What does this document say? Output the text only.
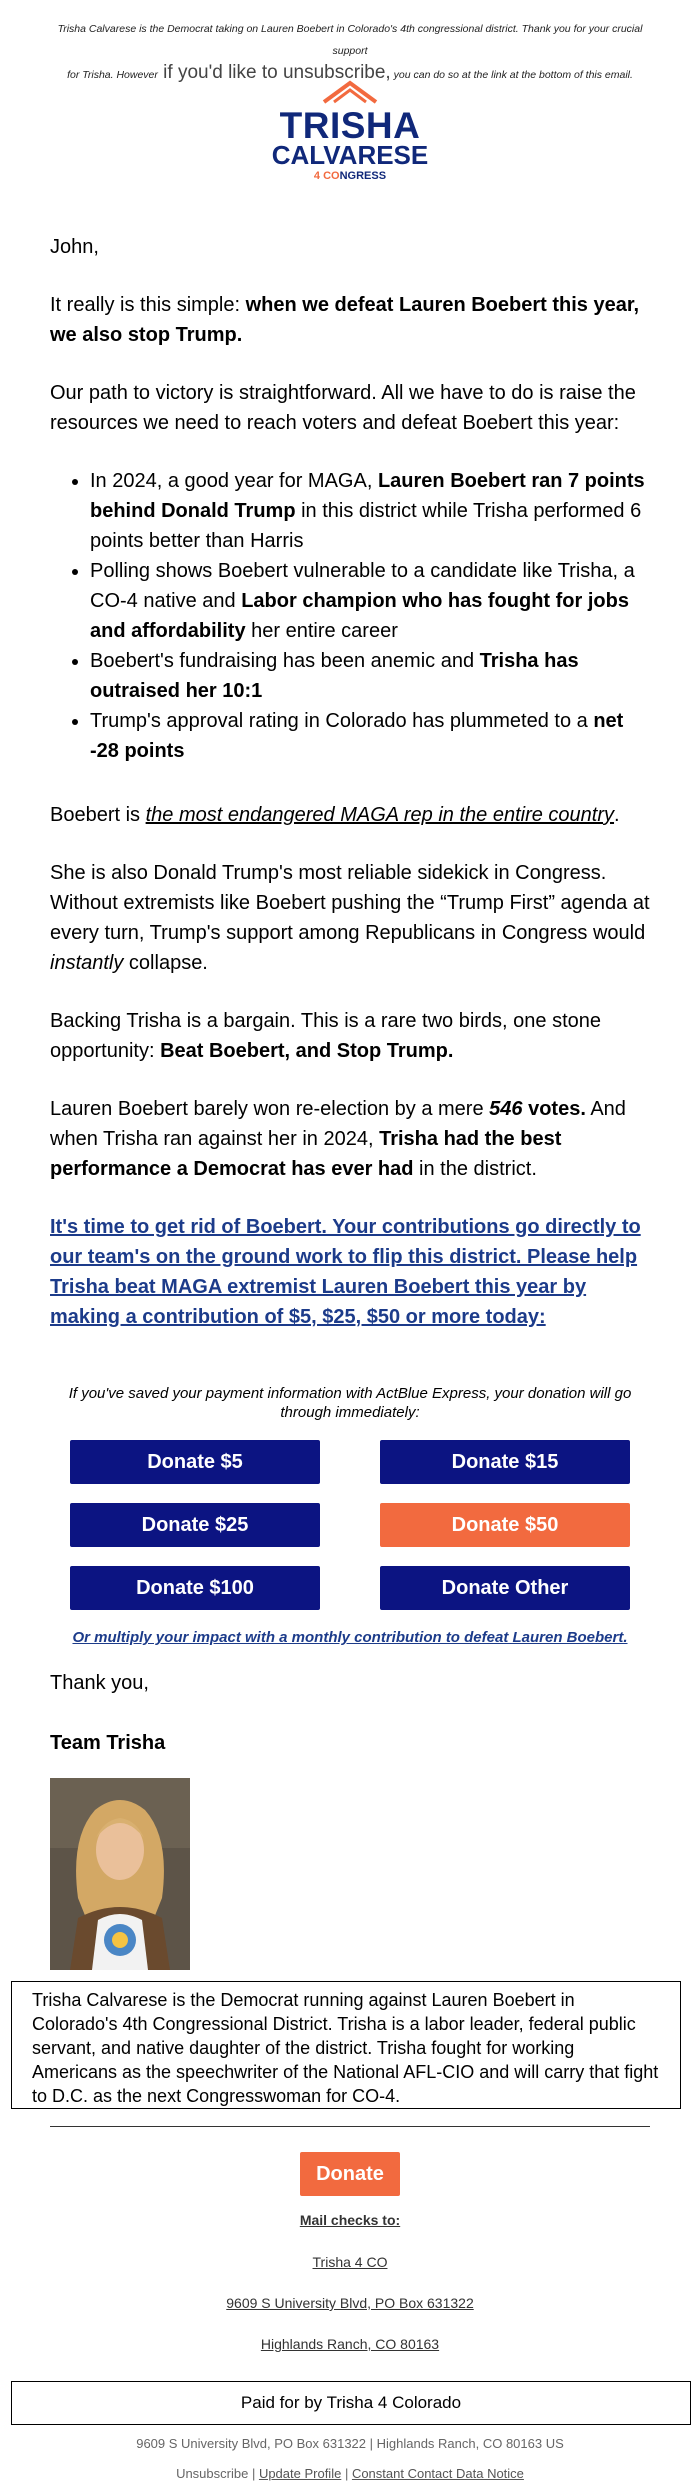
Trisha Calvarese is the Democrat taking on Lauren Boebert in Colorado's 4th congressional district. Thank you for your crucial support
for Trisha. However if you'd like to unsubscribe, you can do so at the link at the bottom of this email.
TRISHA
CALVARESE
4 CONGRESS
John,
It really is this simple: when we defeat Lauren Boebert this year, we also stop Trump.
Our path to victory is straightforward. All we have to do is raise the resources we need to reach voters and defeat Boebert this year:
• In 2024, a good year for MAGA, Lauren Boebert ran 7 points behind Donald Trump in this district while Trisha performed 6 points better than Harris
• Polling shows Boebert vulnerable to a candidate like Trisha, a CO-4 native and Labor champion who has fought for jobs and affordability her entire career
• Boebert's fundraising has been anemic and Trisha has outraised her 10:1
• Trump's approval rating in Colorado has plummeted to a net -28 points
Boebert is the most endangered MAGA rep in the entire country.
She is also Donald Trump's most reliable sidekick in Congress. Without extremists like Boebert pushing the “Trump First” agenda at every turn, Trump's support among Republicans in Congress would instantly collapse.
Backing Trisha is a bargain. This is a rare two birds, one stone opportunity: Beat Boebert, and Stop Trump.
Lauren Boebert barely won re-election by a mere 546 votes. And when Trisha ran against her in 2024, Trisha had the best performance a Democrat has ever had in the district.
It's time to get rid of Boebert. Your contributions go directly to our team's on the ground work to flip this district. Please help Trisha beat MAGA extremist Lauren Boebert this year by making a contribution of $5, $25, $50 or more today:
If you've saved your payment information with ActBlue Express, your donation will go through immediately:
Donate $5	Donate $15
Donate $25	Donate $50
Donate $100	Donate Other
Or multiply your impact with a monthly contribution to defeat Lauren Boebert.
Thank you,
Team Trisha
Trisha Calvarese is the Democrat running against Lauren Boebert in Colorado's 4th Congressional District. Trisha is a labor leader, federal public servant, and native daughter of the district. Trisha fought for working Americans as the speechwriter of the National AFL-CIO and will carry that fight to D.C. as the next Congresswoman for CO-4.
Donate
Mail checks to:
Trisha 4 CO
9609 S University Blvd, PO Box 631322
Highlands Ranch, CO 80163
Paid for by Trisha 4 Colorado
9609 S University Blvd, PO Box 631322 | Highlands Ranch, CO 80163 US
Unsubscribe | Update Profile | Constant Contact Data Notice
